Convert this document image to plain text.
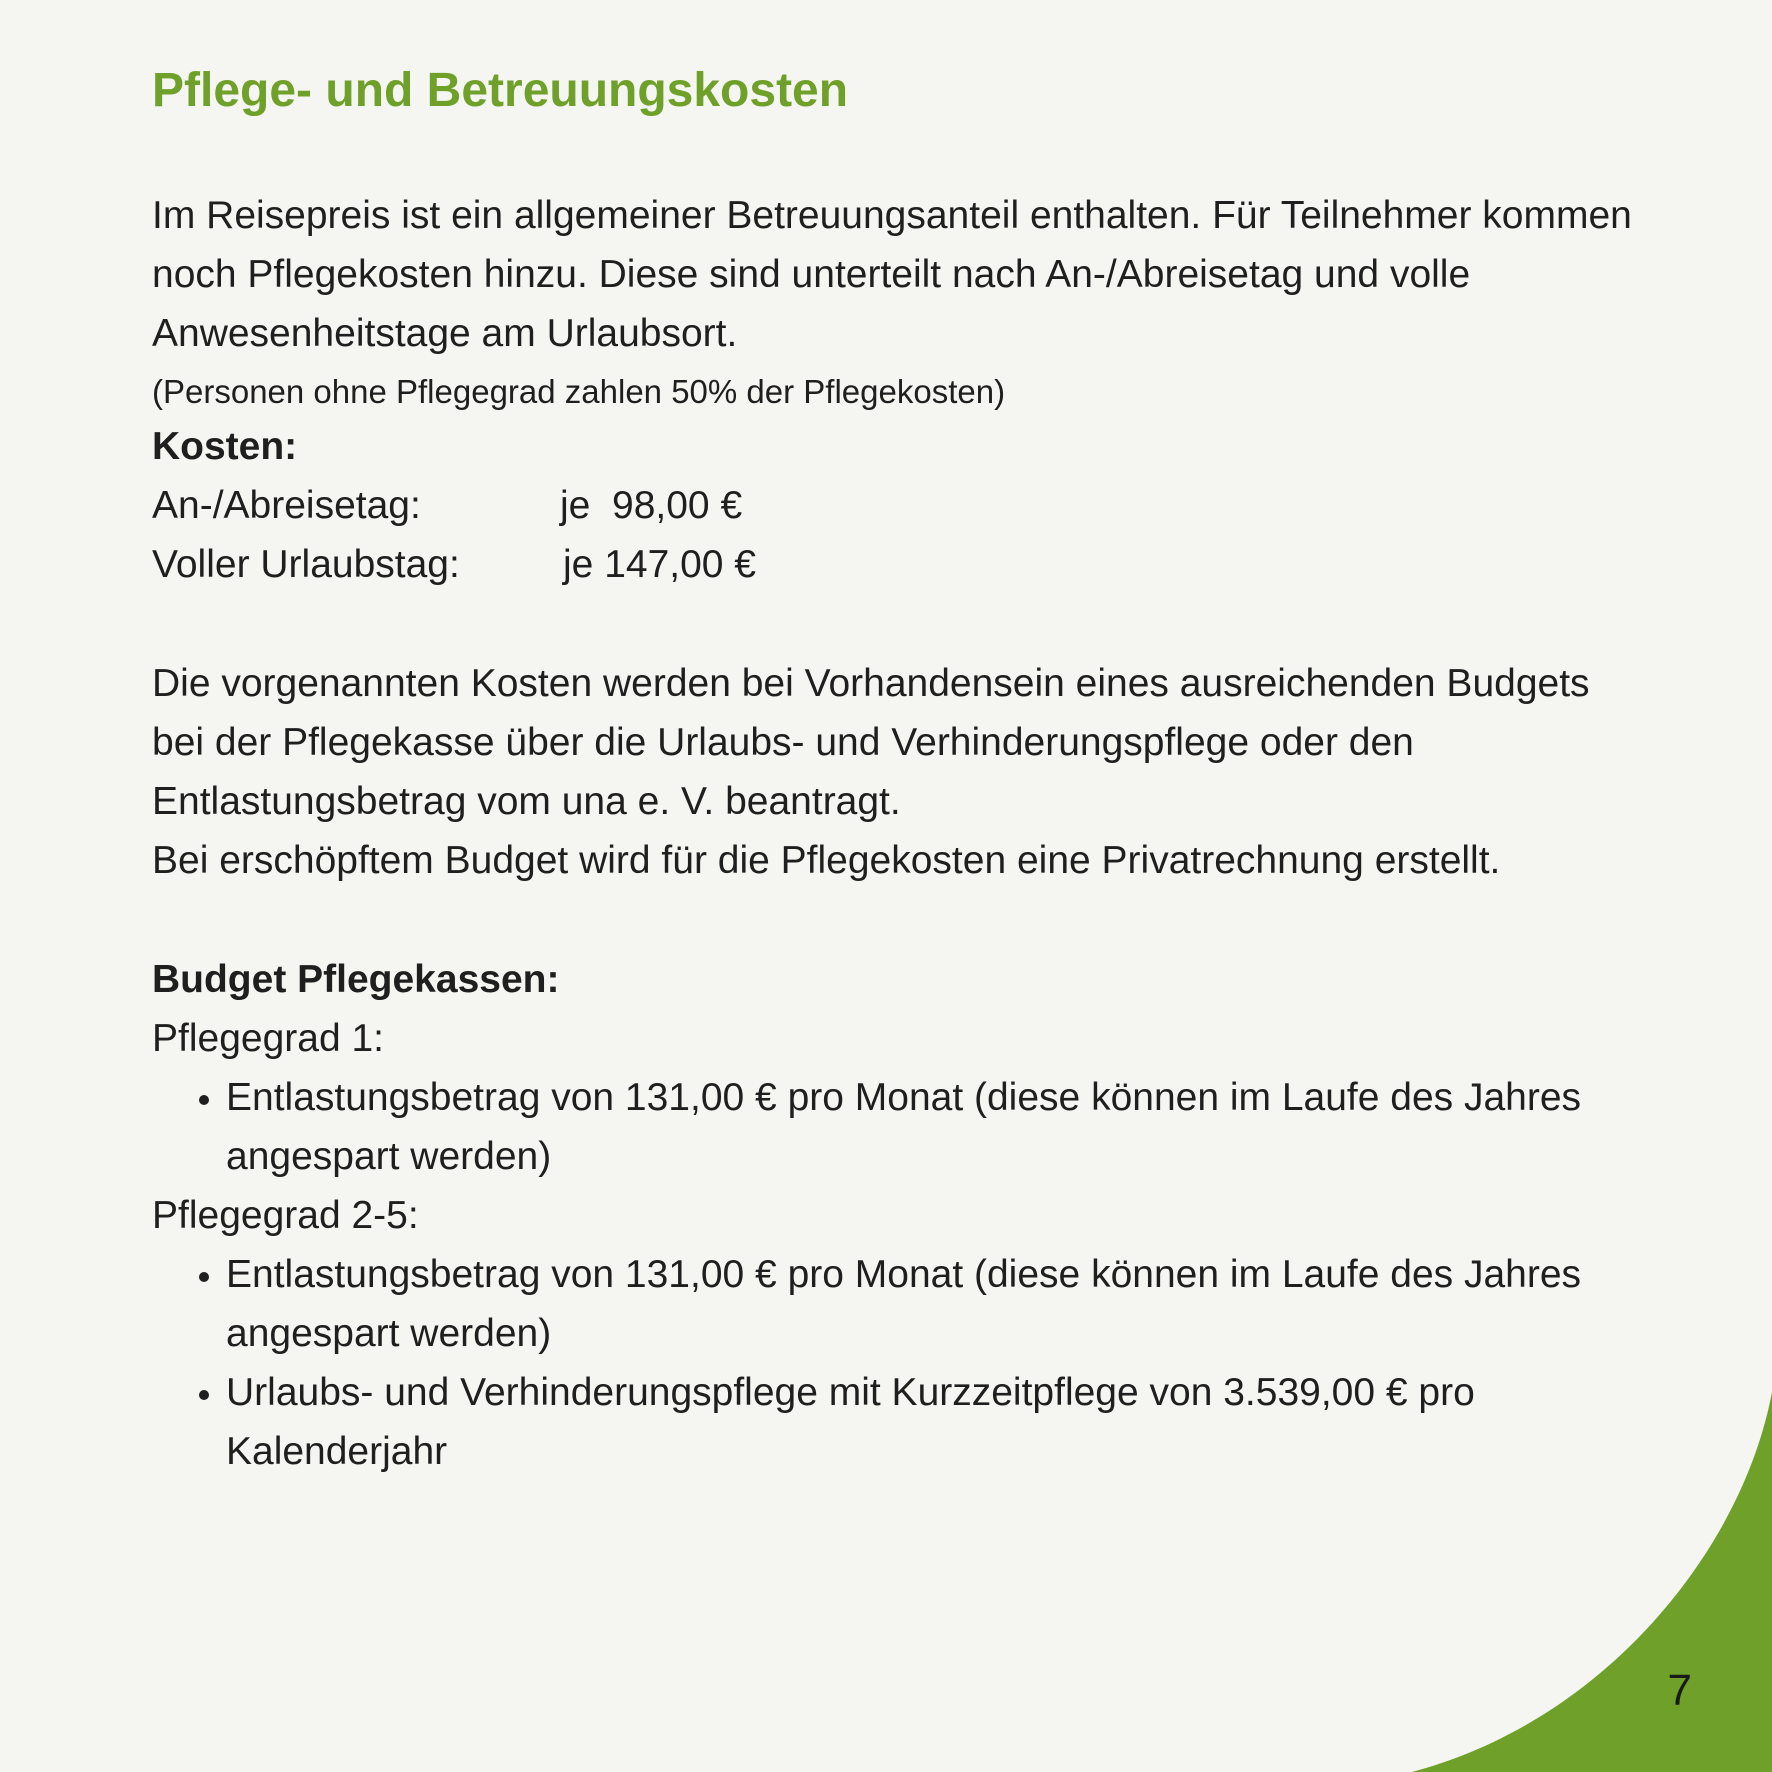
7
Pflege- und Betreuungskosten

Im Reisepreis ist ein allgemeiner Betreuungsanteil enthalten. Für Teilnehmer kommen noch Pflegekosten hinzu. Diese sind unterteilt nach An-/Abreisetag und volle Anwesenheitstage am Urlaubsort.

(Personen ohne Pflegegrad zahlen 50% der Pflegekosten)

Kosten:
An-/Abreisetag:	je  98,00 €
Voller Urlaubstag:	je 147,00 €

Die vorgenannten Kosten werden bei Vorhandensein eines ausreichenden Budgets bei der Pflegekasse über die Urlaubs- und Verhinderungspflege oder den Entlastungsbetrag vom una e. V. beantragt.

Bei erschöpftem Budget wird für die Pflegekosten eine Privatrechnung erstellt.

Budget Pflegekassen:

Pflegegrad 1:

• Entlastungsbetrag von 131,00 € pro Monat (diese können im Laufe des Jahres angespart werden)

Pflegegrad 2-5:

• Entlastungsbetrag von 131,00 € pro Monat (diese können im Laufe des Jahres angespart werden)
• Urlaubs- und Verhinderungspflege mit Kurzzeitpflege von 3.539,00 € pro Kalenderjahr
